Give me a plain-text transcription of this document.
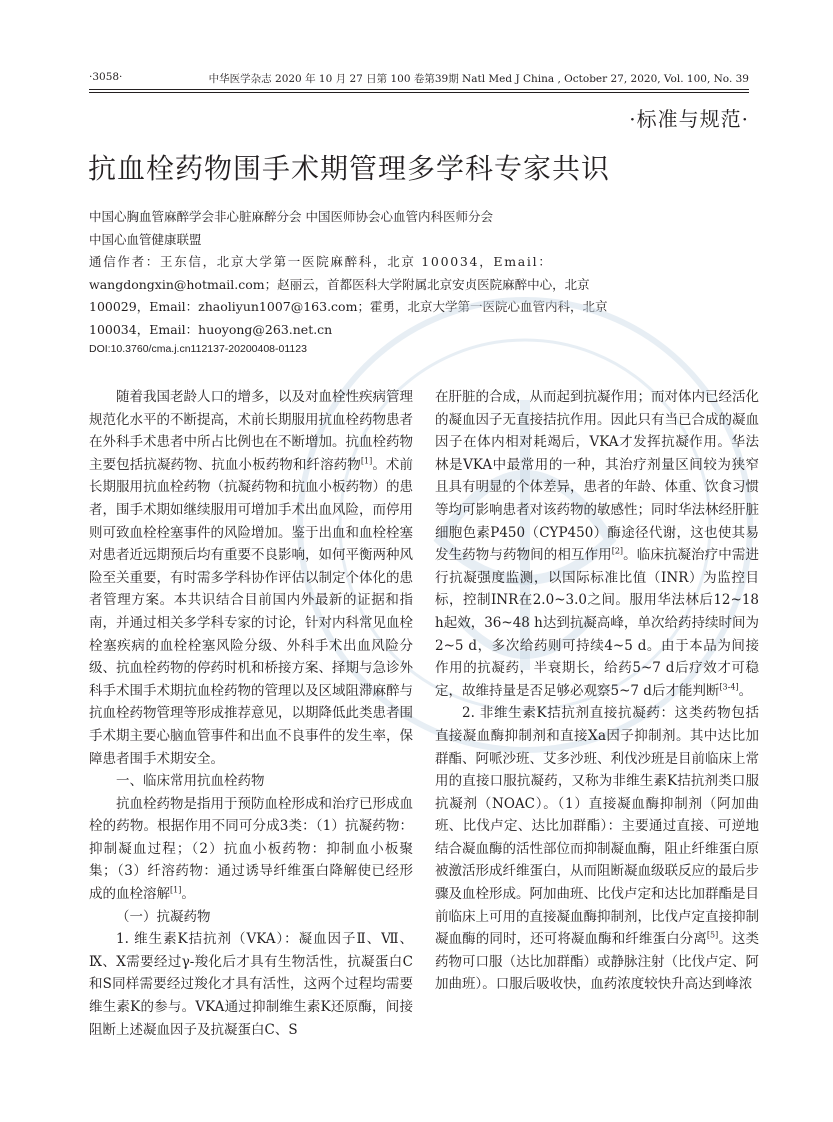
·3058·	中华医学杂志 2020 年 10 月 27 日第 100 卷第39期 Natl Med J China , October 27, 2020, Vol. 100, No. 39
·标准与规范·
抗血栓药物围手术期管理多学科专家共识

中国心胸血管麻醉学会非心脏麻醉分会 中国医师协会心血管内科医师分会

中国心血管健康联盟

通信作者：王东信，北京大学第一医院麻醉科，北京 100034，Email：

wangdongxin@hotmail.com；赵丽云，首都医科大学附属北京安贞医院麻醉中心，北京

100029，Email：zhaoliyun1007@163.com；霍勇，北京大学第一医院心血管内科，北京

100034，Email：huoyong@263.net.cn

DOI:10.3760/cma.j.cn112137-20200408-01123

随着我国老龄人口的增多，以及对血栓性疾病管理规范化水平的不断提高，术前长期服用抗血栓药物患者在外科手术患者中所占比例也在不断增加。抗血栓药物主要包括抗凝药物、抗血小板药物和纤溶药物[1]。术前长期服用抗血栓药物（抗凝药物和抗血小板药物）的患者，围手术期如继续服用可增加手术出血风险，而停用则可致血栓栓塞事件的风险增加。鉴于出血和血栓栓塞对患者近远期预后均有重要不良影响，如何平衡两种风险至关重要，有时需多学科协作评估以制定个体化的患者管理方案。本共识结合目前国内外最新的证据和指南，并通过相关多学科专家的讨论，针对内科常见血栓栓塞疾病的血栓栓塞风险分级、外科手术出血风险分级、抗血栓药物的停药时机和桥接方案、择期与急诊外科手术围手术期抗血栓药物的管理以及区域阻滞麻醉与抗血栓药物管理等形成推荐意见，以期降低此类患者围手术期主要心脑血管事件和出血不良事件的发生率，保障患者围手术期安全。

一、临床常用抗血栓药物

抗血栓药物是指用于预防血栓形成和治疗已形成血栓的药物。根据作用不同可分成3类：（1）抗凝药物：抑制凝血过程；（2）抗血小板药物：抑制血小板聚集；（3）纤溶药物：通过诱导纤维蛋白降解使已经形成的血栓溶解[1]。

（一）抗凝药物

1. 维生素K拮抗剂（VKA）：凝血因子Ⅱ、Ⅶ、Ⅸ、Ⅹ需要经过γ-羧化后才具有生物活性，抗凝蛋白C和S同样需要经过羧化才具有活性，这两个过程均需要维生素K的参与。VKA通过抑制维生素K还原酶，间接阻断上述凝血因子及抗凝蛋白C、S

在肝脏的合成，从而起到抗凝作用；而对体内已经活化的凝血因子无直接拮抗作用。因此只有当已合成的凝血因子在体内相对耗竭后，VKA才发挥抗凝作用。华法林是VKA中最常用的一种，其治疗剂量区间较为狭窄且具有明显的个体差异，患者的年龄、体重、饮食习惯等均可影响患者对该药物的敏感性；同时华法林经肝脏细胞色素P450（CYP450）酶途径代谢，这也使其易发生药物与药物间的相互作用[2]。临床抗凝治疗中需进行抗凝强度监测，以国际标准比值（INR）为监控目标，控制INR在2.0~3.0之间。服用华法林后12~18 h起效，36~48 h达到抗凝高峰，单次给药持续时间为2~5 d，多次给药则可持续4~5 d。由于本品为间接作用的抗凝药，半衰期长，给药5~7 d后疗效才可稳定，故维持量是否足够必观察5~7 d后才能判断[3-4]。

2. 非维生素K拮抗剂直接抗凝药：这类药物包括直接凝血酶抑制剂和直接Ⅹa因子抑制剂。其中达比加群酯、阿哌沙班、艾多沙班、利伐沙班是目前临床上常用的直接口服抗凝药，又称为非维生素K拮抗剂类口服抗凝剂（NOAC）。（1）直接凝血酶抑制剂（阿加曲班、比伐卢定、达比加群酯）：主要通过直接、可逆地结合凝血酶的活性部位而抑制凝血酶，阻止纤维蛋白原被激活形成纤维蛋白，从而阻断凝血级联反应的最后步骤及血栓形成。阿加曲班、比伐卢定和达比加群酯是目前临床上可用的直接凝血酶抑制剂，比伐卢定直接抑制凝血酶的同时，还可将凝血酶和纤维蛋白分离[5]。这类药物可口服（达比加群酯）或静脉注射（比伐卢定、阿加曲班）。口服后吸收快，血药浓度较快升高达到峰浓
